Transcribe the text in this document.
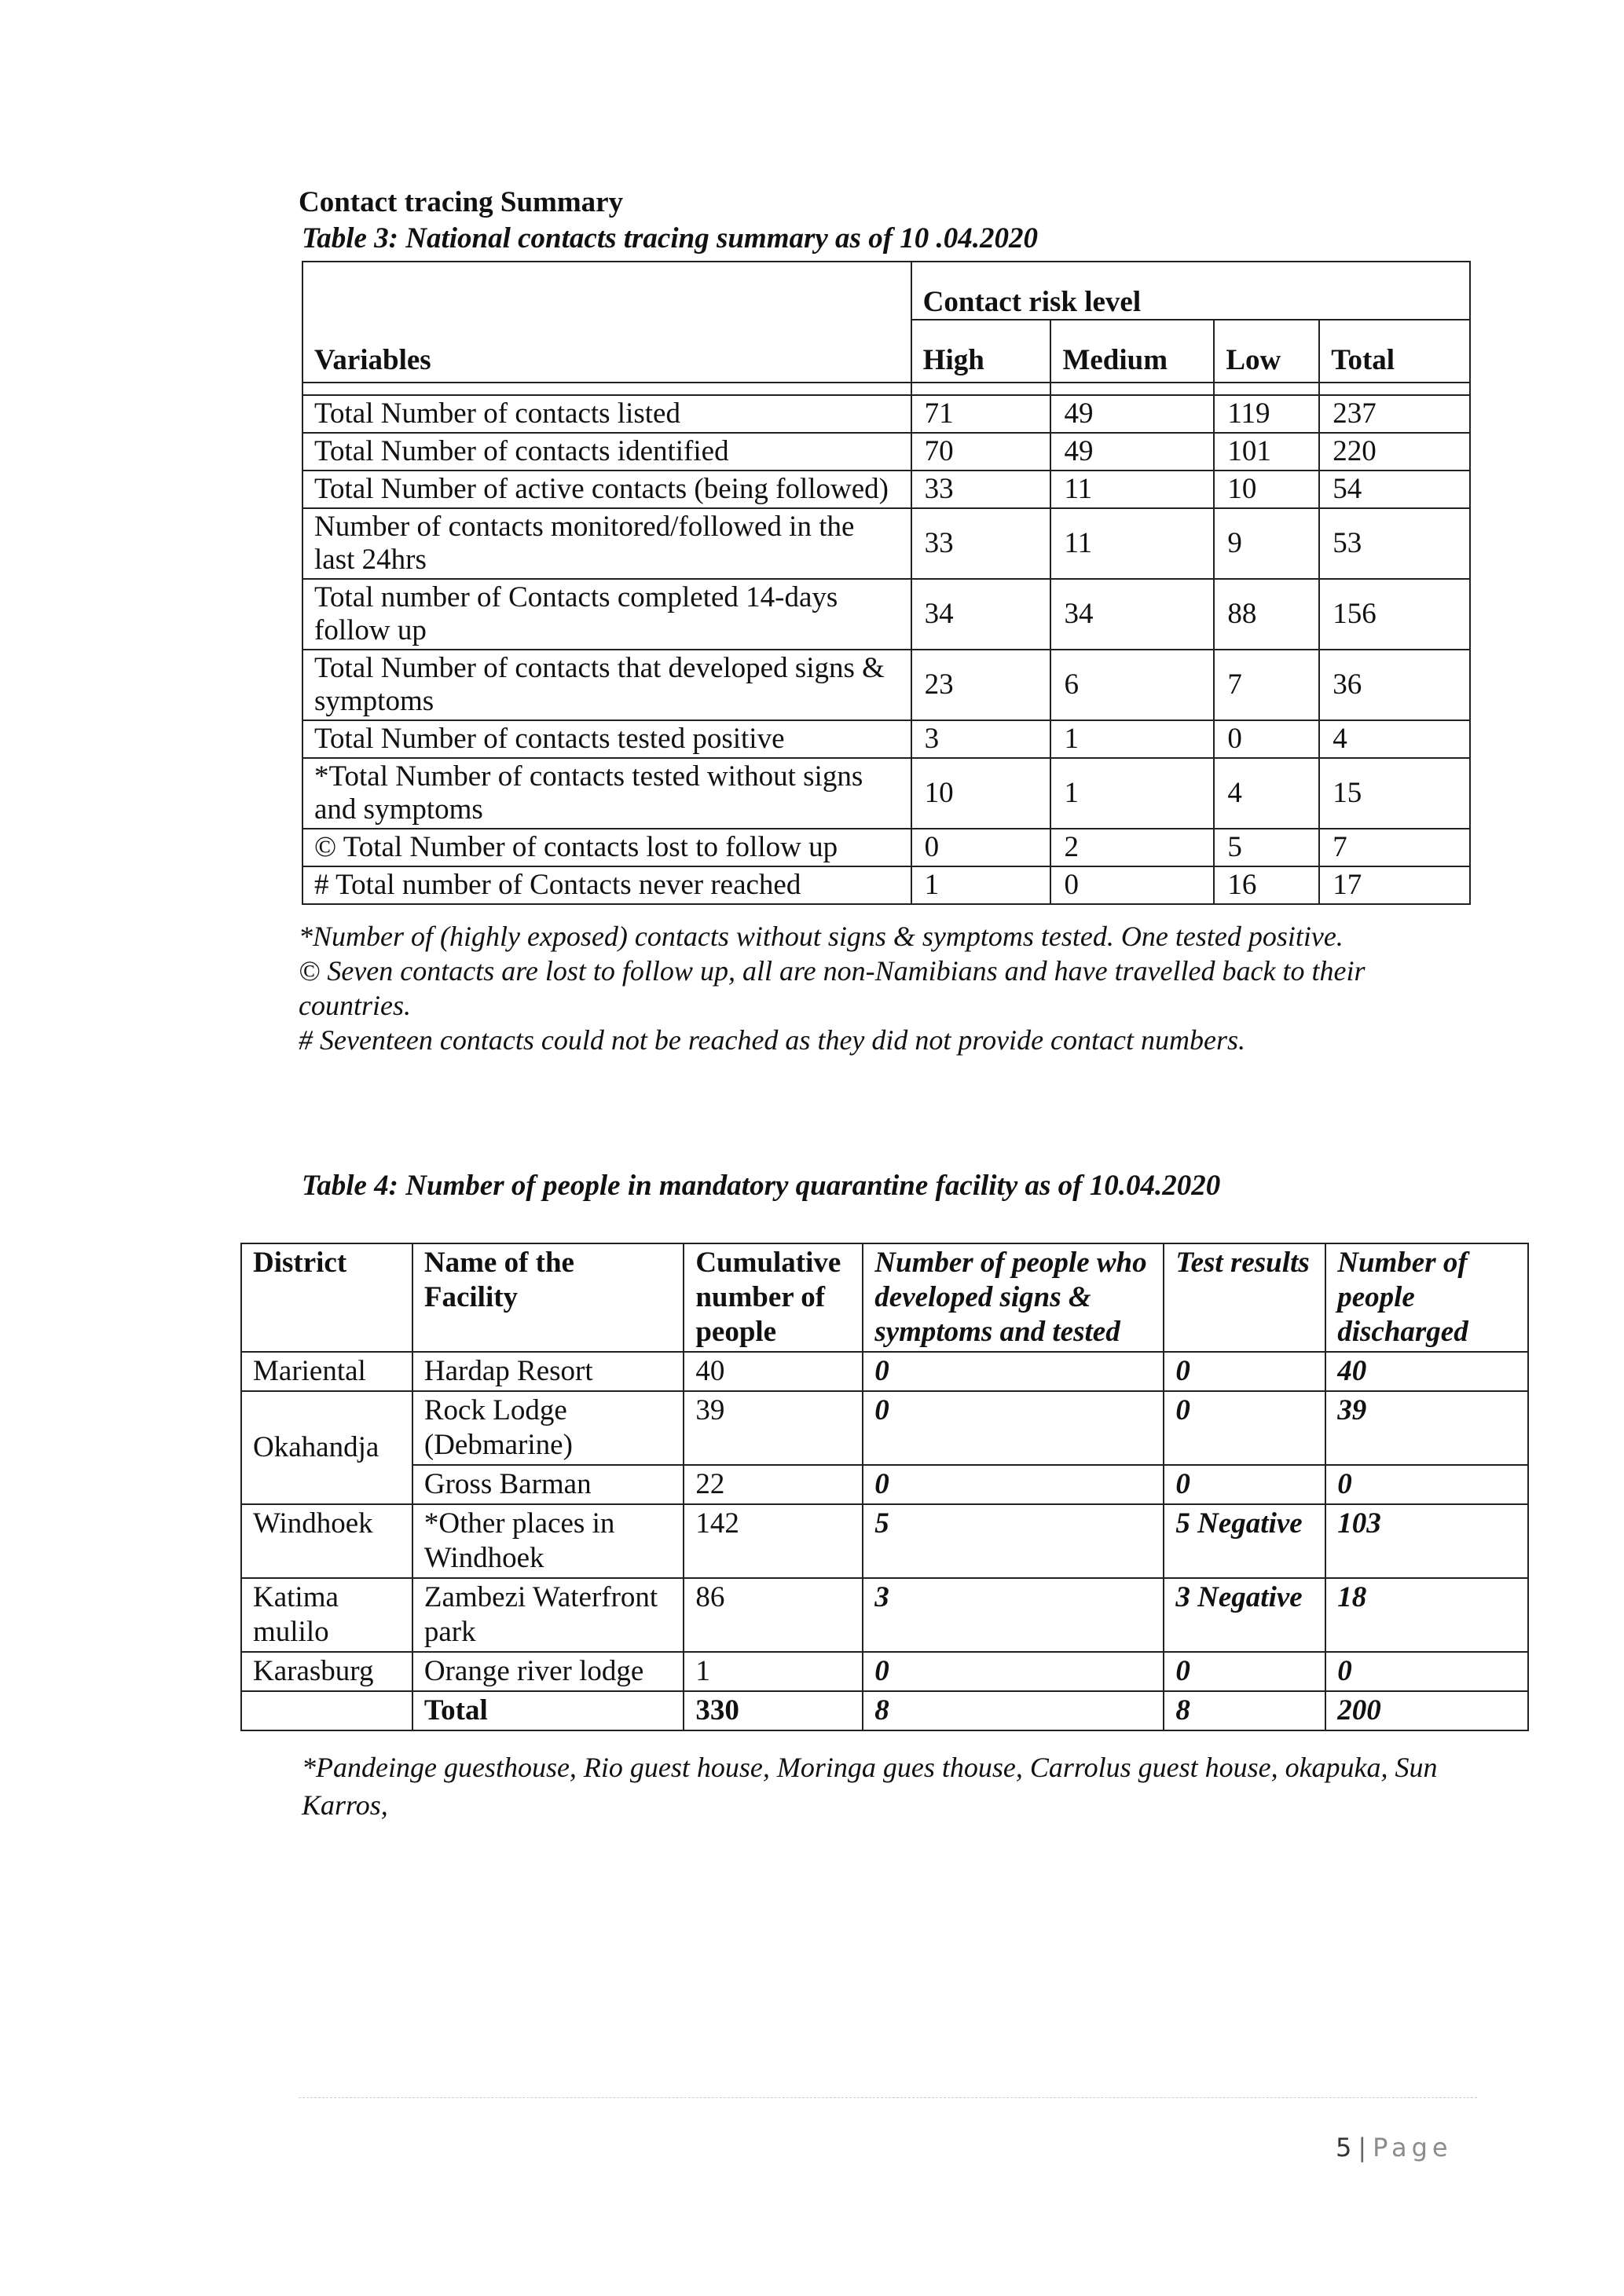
Contact tracing Summary
Table 3: National contacts tracing summary as of 10 .04.2020
	Contact risk level			
Variables	High	Medium	Low	Total

Total Number of contacts listed	71	49	119	237
Total Number of contacts identified	70	49	101	220
Total Number of active contacts (being followed)	33	11	10	54
Number of contacts monitored/followed in the last 24hrs	33	11	9	53
Total number of Contacts completed 14-days follow up	34	34	88	156
Total Number of contacts that developed signs & symptoms	23	6	7	36
Total Number of contacts tested positive	3	1	0	4
*Total Number of contacts tested without signs and symptoms	10	1	4	15
© Total Number of contacts lost to follow up	0	2	5	7
# Total number of Contacts never reached	1	0	16	17

*Number of (highly exposed) contacts without signs & symptoms tested. One tested positive.

© Seven contacts are lost to follow up, all are non-Namibians and have travelled back to their countries.

# Seventeen contacts could not be reached as they did not provide contact numbers.

Table 4: Number of people in mandatory quarantine facility as of 10.04.2020
District	Name of the Facility	Cumulative number of people	Number of people who developed signs & symptoms and tested	Test results	Number of people discharged
Mariental	Hardap Resort	40	0	0	40
Okahandja	Rock Lodge (Debmarine)	39	0	0	39
	Gross Barman	22	0	0	0
Windhoek	*Other places in Windhoek	142	5	5 Negative	103
Katima mulilo	Zambezi Waterfront park	86	3	3 Negative	18
Karasburg	Orange river lodge	1	0	0	0
	Total	330	8	8	200
*Pandeinge guesthouse, Rio guest house, Moringa gues thouse, Carrolus guest house, okapuka, Sun Karros,
5 | Page
